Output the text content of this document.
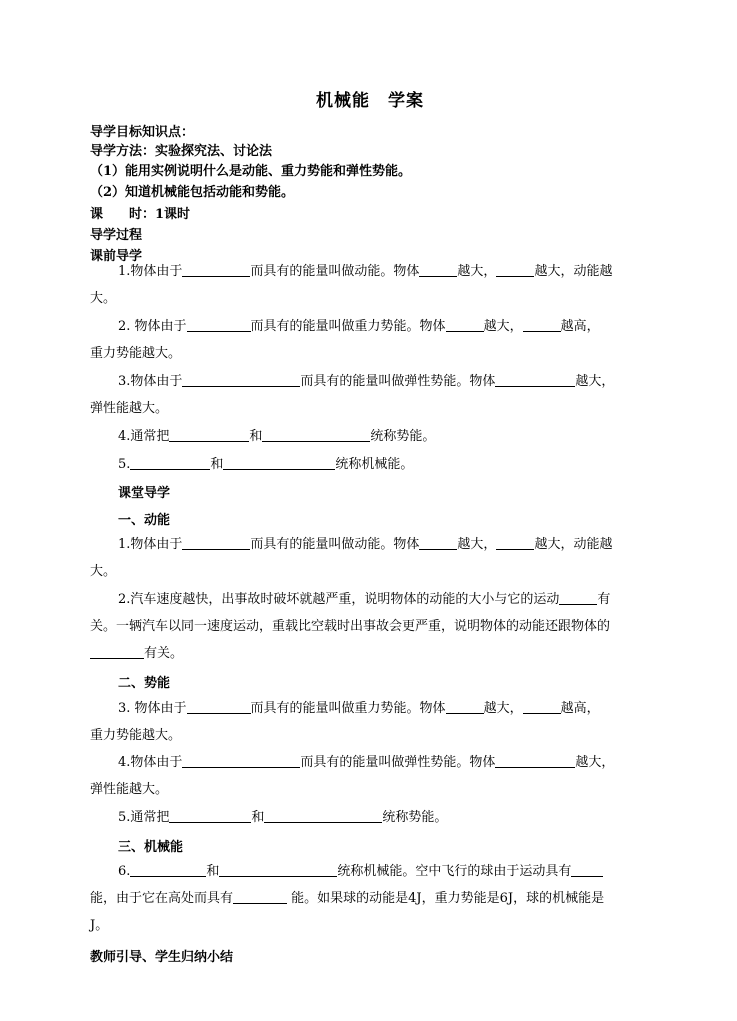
机械能　学案
导学目标知识点：
导学方法：实验探究法、讨论法
（1）能用实例说明什么是动能、重力势能和弹性势能。
（2）知道机械能包括动能和势能。
课　　时：1课时
导学过程
课前导学
1.物体由于	而具有的能量叫做动能。物体	越大，	越大，动能越
大。
2. 物体由于	而具有的能量叫做重力势能。物体	越大，	越高，
重力势能越大。
3.物体由于	而具有的能量叫做弹性势能。物体	越大，
弹性能越大。
4.通常把	和	统称势能。
5.	和	统称机械能。
课堂导学
一、动能
1.物体由于	而具有的能量叫做动能。物体	越大，	越大，动能越
大。
2.汽车速度越快，出事故时破坏就越严重，说明物体的动能的大小与它的运动	有
关。一辆汽车以同一速度运动，重载比空载时出事故会更严重，说明物体的动能还跟物体的
有关。
二、势能
3. 物体由于	而具有的能量叫做重力势能。物体	越大，	越高，
重力势能越大。
4.物体由于	而具有的能量叫做弹性势能。物体	越大，
弹性能越大。
5.通常把	和	统称势能。
三、机械能
6.	和	统称机械能。空中飞行的球由于运动具有
能，由于它在高处而具有	能。如果球的动能是4J，重力势能是6J，球的机械能是
J。
教师引导、学生归纳小结
